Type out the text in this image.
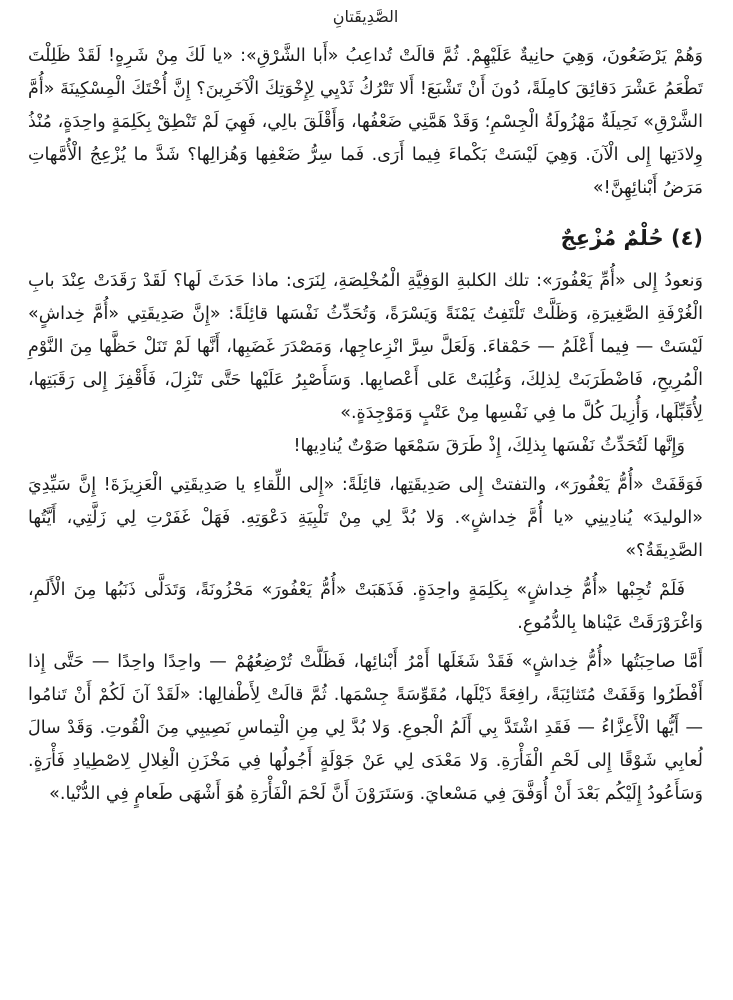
الصَّدِيقَتانِ

وَهُمْ يَرْضَعُونَ، وَهِيَ حانِيةٌ عَلَيْهِمْ. ثُمَّ قالَتْ تُداعِبُ «أَبا الشَّرْقِ»: «يا لَكَ مِنْ شَرِهٍ! لَقَدْ ظَلِلْتَ تَطْعَمُ عَشْرَ دَقائِقَ كامِلَةً، دُونَ أَنْ تَشْبَعَ! أَلا تَتْرُكُ ثَدْيِي لِإِخْوَتِكَ الْآخَرِينَ؟ إِنَّ أُخْتَكَ الْمِسْكِينَةَ «أُمَّ الشَّرْقِ» نَحِيلَةٌ مَهْزُولَةُ الْجِسْمِ؛ وَقَدْ هَمَّنِي ضَعْفُها، وَأَقْلَقَ بالِي، فَهِيَ لَمْ تَنْطِقْ بِكَلِمَةٍ واحِدَةٍ، مُنْذُ وِلادَتِها إِلى الْآنَ. وَهِيَ لَيْسَتْ بَكْماءَ فِيما أَرَى. فَما سِرُّ ضَعْفِها وَهُزالِها؟ شَدَّ ما يُزْعِجُ الْأُمَّهاتِ مَرَضُ أَبْنائِهِنَّ!»

(٤) حُلْمٌ مُزْعِجٌ

وَنعودُ إِلى «أُمِّ يَعْفُورَ»: تلك الكلبةِ الوَفِيَّةِ الْمُخْلِصَةِ، لِنَرَى: ماذا حَدَثَ لَها؟ لَقَدْ رَقَدَتْ عِنْدَ بابِ الْغُرْفَةِ الصَّغِيرَةِ، وَظَلَّتْ تَلْتَفِتُ يَمْنَةً وَيَسْرَةً، وَتُحَدِّثُ نَفْسَها قائِلَةً: «إِنَّ صَدِيقَتِي «أُمَّ خِداشٍ» لَيْسَتْ — فِيما أَعْلَمُ — حَمْقاءَ. وَلَعَلَّ سِرَّ انْزِعاجِها، وَمَصْدَرَ غَضَبِها، أَنَّها لَمْ تَنَلْ حَظَّها مِنَ النَّوْمِ الْمُرِيحِ، فَاضْطَرَبَتْ لِذلِكَ، وَغُلِبَتْ عَلى أَعْصابِها. وَسَأَصْبِرُ عَلَيْها حَتَّى تَنْزِلَ، فَأَقْفِزَ إِلى رَقَبَتِها، لِأُقَبِّلَها، وَأُزِيلَ كُلَّ ما فِي نَفْسِها مِنْ عَتْبٍ وَمَوْجِدَةٍ.»

وَإِنَّها لَتُحَدِّثُ نَفْسَها بِذلِكَ، إِذْ طَرَقَ سَمْعَها صَوْتٌ يُنادِيها!

فَوَقَفَتْ «أُمُّ يَعْفُورَ»، والتفتتْ إِلى صَدِيقَتِها، قائِلَةً: «إِلى اللِّقاءِ يا صَدِيقَتِي الْعَزِيزَةَ! إِنَّ سَيِّدِيَ «الوليدَ» يُنادِينِي «يا أُمَّ خِداشٍ». وَلا بُدَّ لِي مِنْ تَلْبِيَةِ دَعْوَتِهِ. فَهَلْ غَفَرْتِ لِي زَلَّتِي، أَيَّتُها الصَّدِيقَةُ؟»

فَلَمْ تُجِبْها «أُمُّ خِداشٍ» بِكَلِمَةٍ واحِدَةٍ. فَذَهَبَتْ «أُمُّ يَعْفُورَ» مَحْزُونَةً، وَتَدَلَّى ذَنَبُها مِنَ الْأَلَمِ، وَاغْرَوْرَقَتْ عَيْناها بِالدُّمُوعِ.

أَمَّا صاحِبَتُها «أُمُّ خِداشٍ» فَقَدْ شَغَلَها أَمْرُ أَبْنائِها، فَظَلَّتْ تُرْضِعُهُمْ — واحِدًا واحِدًا — حَتَّى إِذا أَفْطَرُوا وَقَفَتْ مُتَثائِبَةً، رافِعَةً ذَيْلَها، مُقَوِّسَةً جِسْمَها. ثُمَّ قالَتْ لِأَطْفالِها: «لَقَدْ آنَ لَكُمْ أَنْ تَنامُوا — أَيُّها الْأَعِزَّاءُ — فَقَدِ اشْتَدَّ بِي أَلَمُ الْجوعِ. وَلا بُدَّ لِي مِنِ الْتِماسِ نَصِيبِي مِنَ الْقُوتِ. وَقَدْ سالَ لُعابِي شَوْقًا إِلى لَحْمِ الْفَأْرَةِ. وَلا مَعْدَى لِي عَنْ جَوْلَةٍ أَجُولُها فِي مَخْزَنِ الْغِلالِ لِاصْطِيادِ فَأْرَةٍ. وَسَأَعُودُ إِلَيْكُم بَعْدَ أَنْ أُوَفَّقَ فِي مَسْعايَ. وَسَتَرَوْنَ أَنَّ لَحْمَ الْفَأْرَةِ هُوَ أَشْهَى طَعامٍ فِي الدُّنْيا.»
